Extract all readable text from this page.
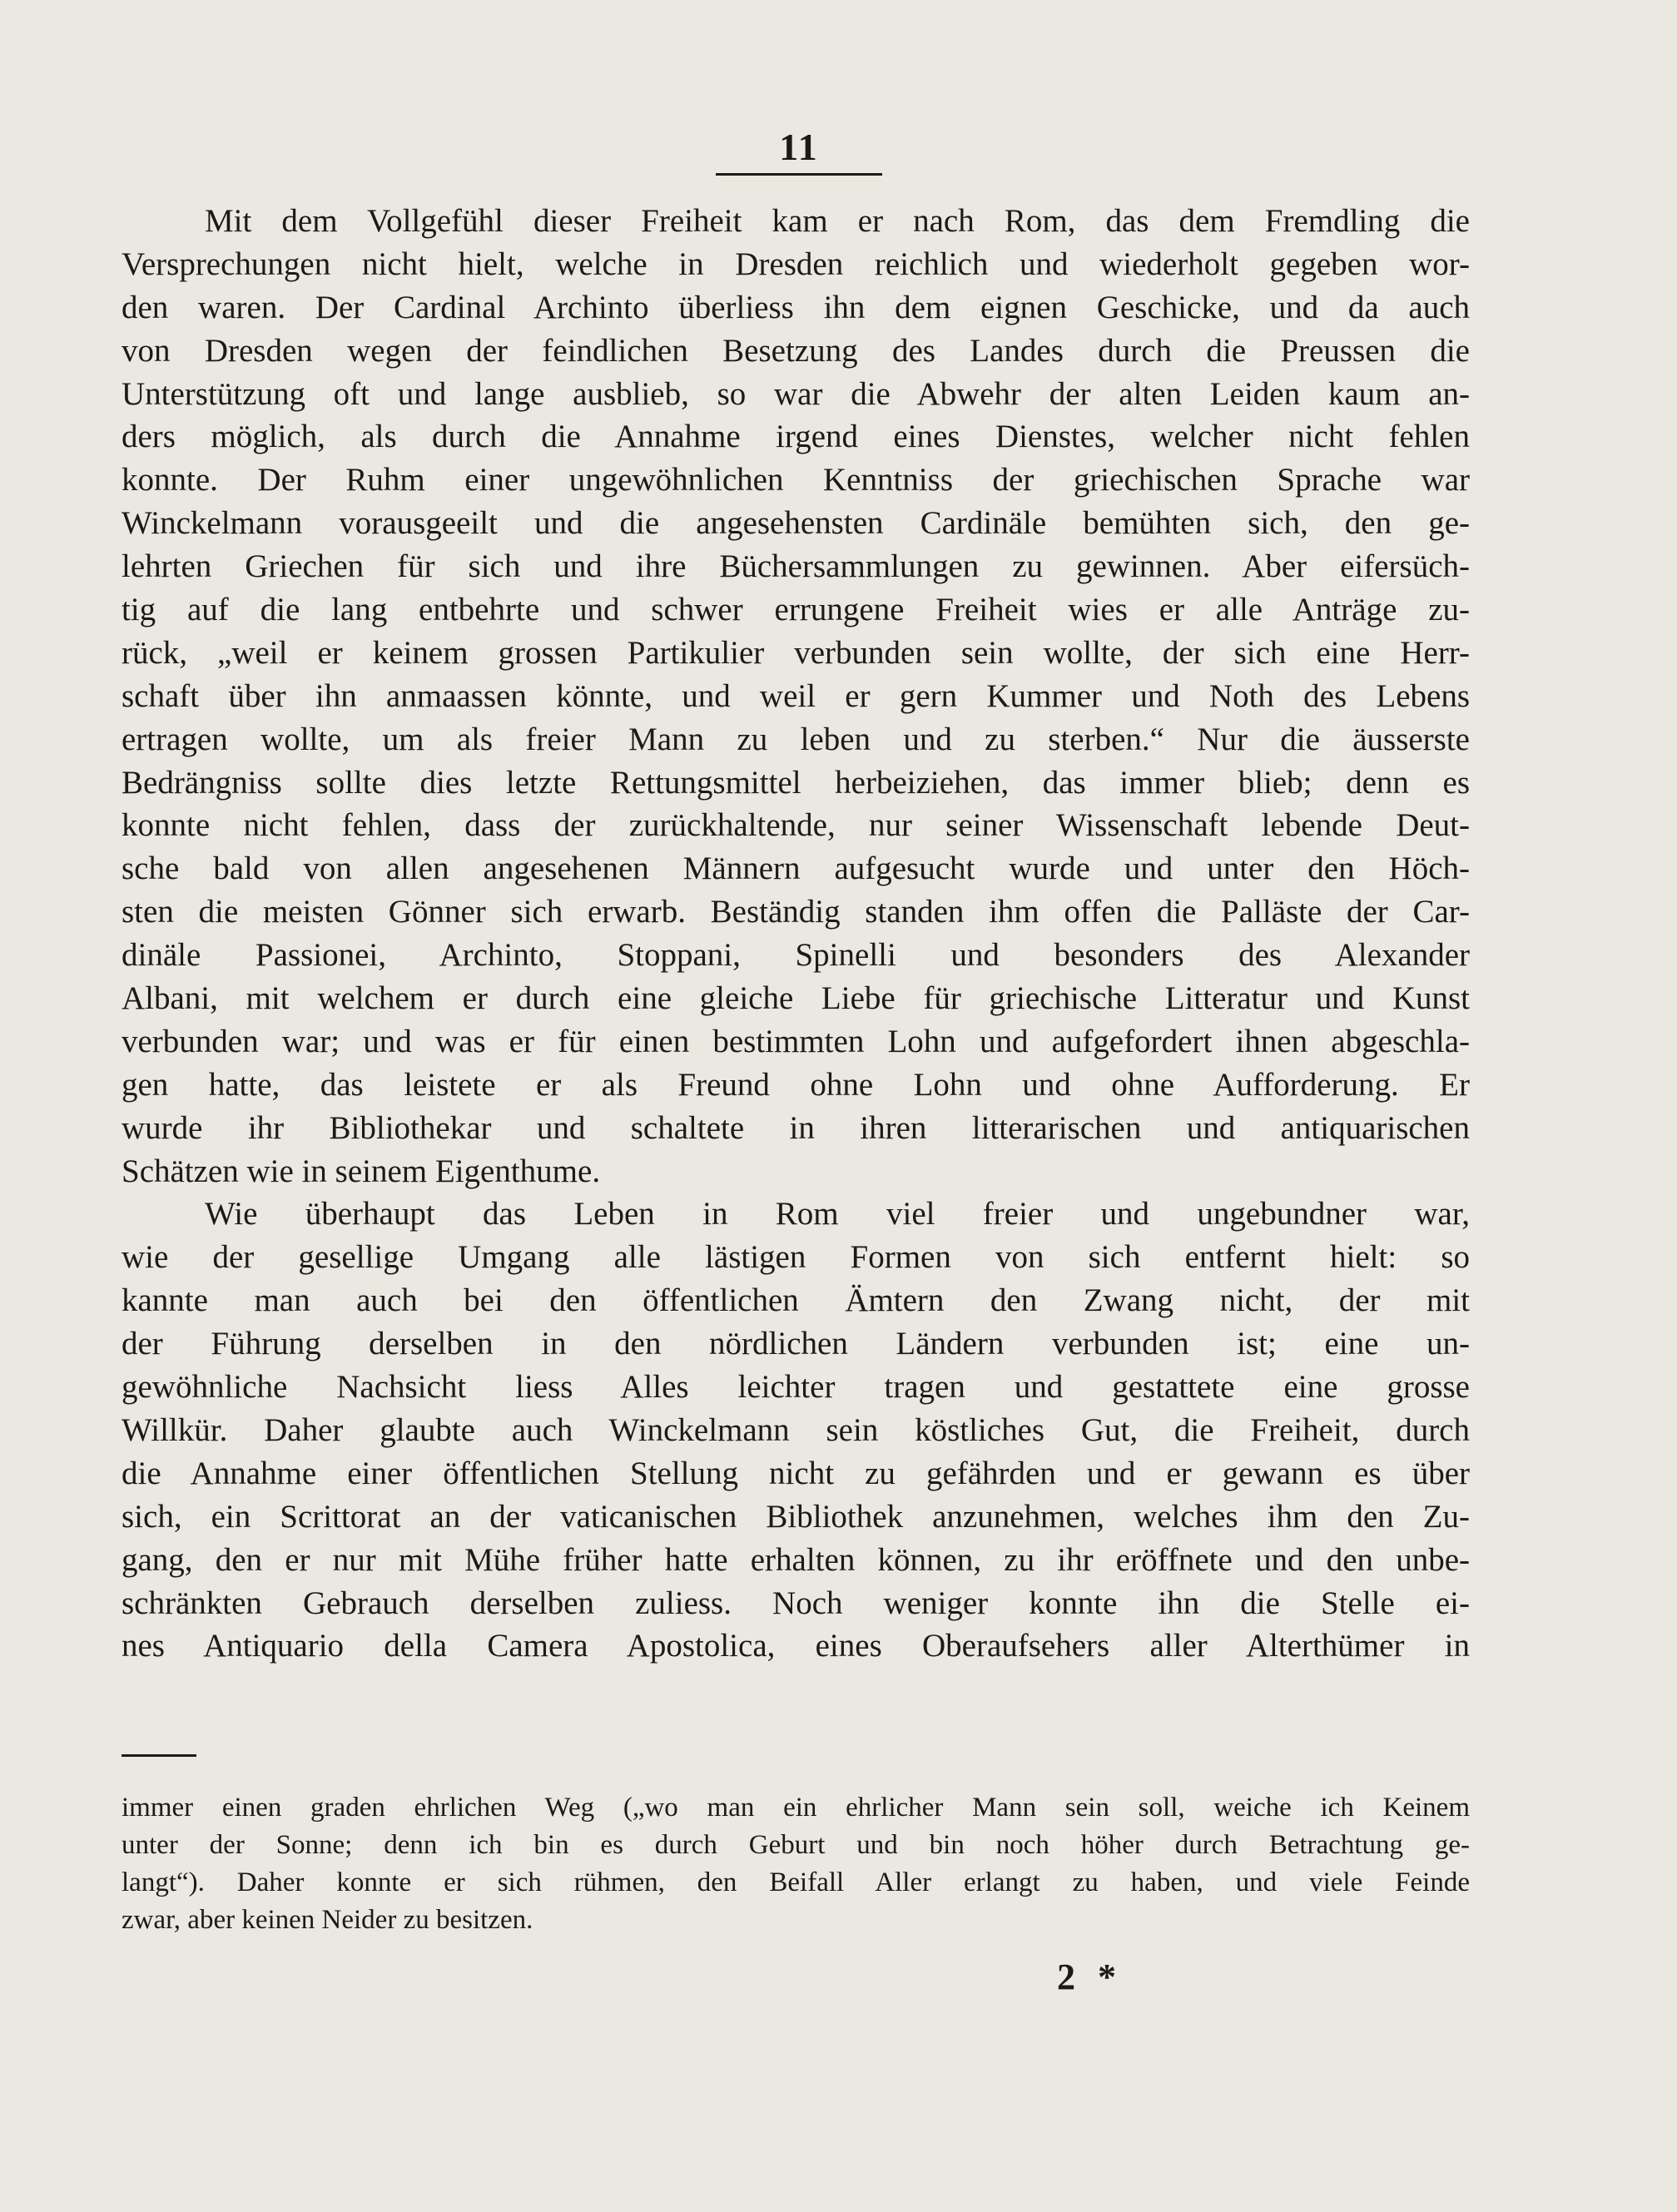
11
Mit dem Vollgefühl dieser Freiheit kam er nach Rom, das dem Fremdling die
Versprechungen nicht hielt, welche in Dresden reichlich und wiederholt gegeben wor-
den waren. Der Cardinal Archinto überliess ihn dem eignen Geschicke, und da auch
von Dresden wegen der feindlichen Besetzung des Landes durch die Preussen die
Unterstützung oft und lange ausblieb, so war die Abwehr der alten Leiden kaum an-
ders möglich, als durch die Annahme irgend eines Dienstes, welcher nicht fehlen
konnte. Der Ruhm einer ungewöhnlichen Kenntniss der griechischen Sprache war
Winckelmann vorausgeeilt und die angesehensten Cardinäle bemühten sich, den ge-
lehrten Griechen für sich und ihre Büchersammlungen zu gewinnen. Aber eifersüch-
tig auf die lang entbehrte und schwer errungene Freiheit wies er alle Anträge zu-
rück, „weil er keinem grossen Partikulier verbunden sein wollte, der sich eine Herr-
schaft über ihn anmaassen könnte, und weil er gern Kummer und Noth des Lebens
ertragen wollte, um als freier Mann zu leben und zu sterben.“ Nur die äusserste
Bedrängniss sollte dies letzte Rettungsmittel herbeiziehen, das immer blieb; denn es
konnte nicht fehlen, dass der zurückhaltende, nur seiner Wissenschaft lebende Deut-
sche bald von allen angesehenen Männern aufgesucht wurde und unter den Höch-
sten die meisten Gönner sich erwarb. Beständig standen ihm offen die Palläste der Car-
dinäle Passionei, Archinto, Stoppani, Spinelli und besonders des Alexander
Albani, mit welchem er durch eine gleiche Liebe für griechische Litteratur und Kunst
verbunden war; und was er für einen bestimmten Lohn und aufgefordert ihnen abgeschla-
gen hatte, das leistete er als Freund ohne Lohn und ohne Aufforderung. Er
wurde ihr Bibliothekar und schaltete in ihren litterarischen und antiquarischen
Schätzen wie in seinem Eigenthume.
Wie überhaupt das Leben in Rom viel freier und ungebundner war,
wie der gesellige Umgang alle lästigen Formen von sich entfernt hielt: so
kannte man auch bei den öffentlichen Ämtern den Zwang nicht, der mit
der Führung derselben in den nördlichen Ländern verbunden ist; eine un-
gewöhnliche Nachsicht liess Alles leichter tragen und gestattete eine grosse
Willkür. Daher glaubte auch Winckelmann sein köstliches Gut, die Freiheit, durch
die Annahme einer öffentlichen Stellung nicht zu gefährden und er gewann es über
sich, ein Scrittorat an der vaticanischen Bibliothek anzunehmen, welches ihm den Zu-
gang, den er nur mit Mühe früher hatte erhalten können, zu ihr eröffnete und den unbe-
schränkten Gebrauch derselben zuliess. Noch weniger konnte ihn die Stelle ei-
nes Antiquario della Camera Apostolica, eines Oberaufsehers aller Alterthümer in
immer einen graden ehrlichen Weg („wo man ein ehrlicher Mann sein soll, weiche ich Keinem
unter der Sonne; denn ich bin es durch Geburt und bin noch höher durch Betrachtung ge-
langt“). Daher konnte er sich rühmen, den Beifall Aller erlangt zu haben, und viele Feinde
zwar, aber keinen Neider zu besitzen.
2 *
